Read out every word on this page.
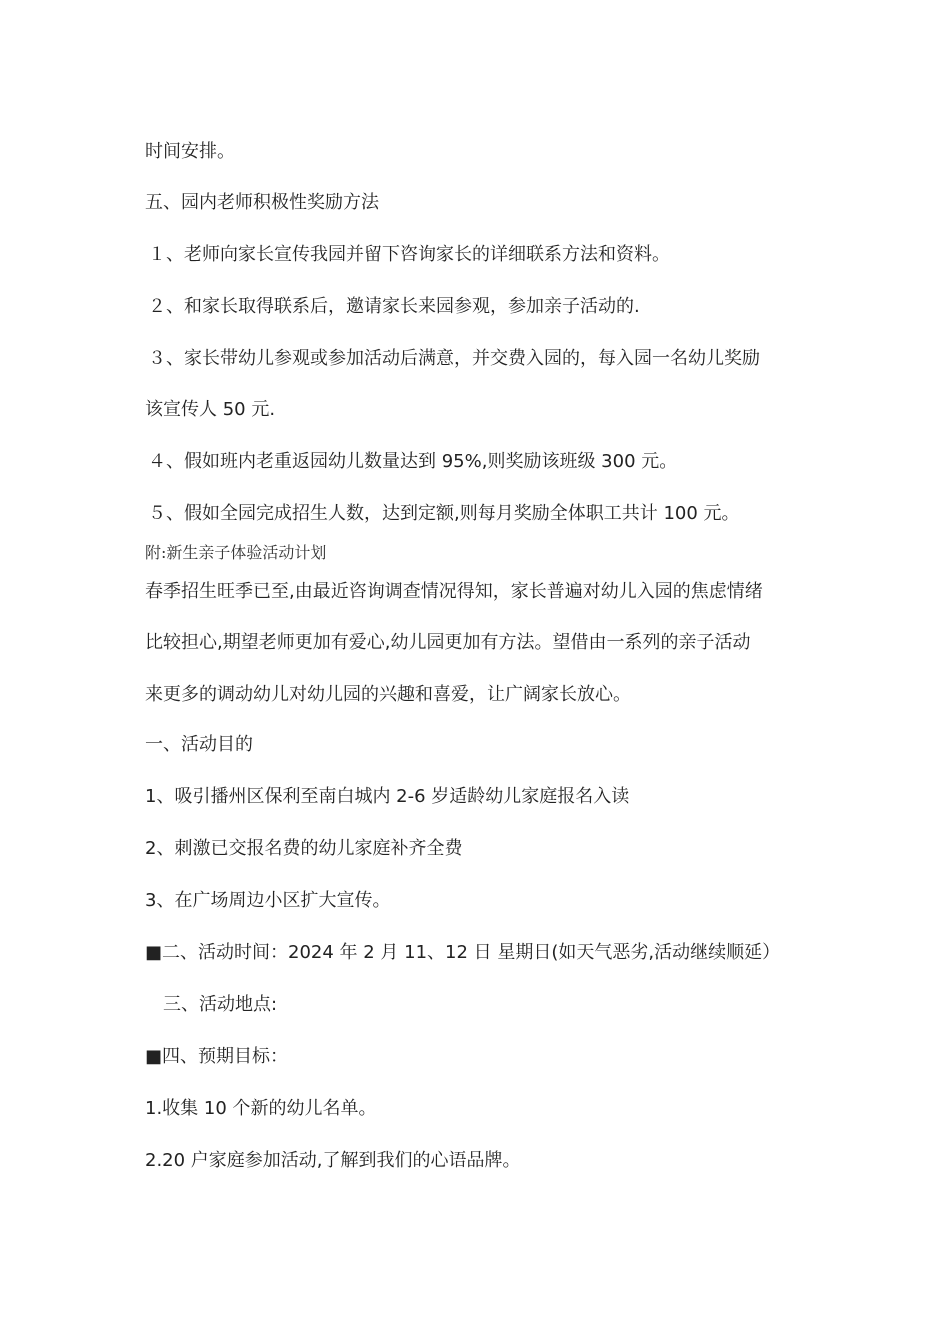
时间安排。
五、园内老师积极性奖励方法
１、老师向家长宣传我园并留下咨询家长的详细联系方法和资料。
２、和家长取得联系后，邀请家长来园参观，参加亲子活动的.
３、家长带幼儿参观或参加活动后满意，并交费入园的，每入园一名幼儿奖励
该宣传人 50 元.
４、假如班内老重返园幼儿数量达到 95%,则奖励该班级 300 元。
５、假如全园完成招生人数，达到定额,则每月奖励全体职工共计 100 元。
附:新生亲子体验活动计划
春季招生旺季已至,由最近咨询调查情况得知，家长普遍对幼儿入园的焦虑情绪
比较担心,期望老师更加有爱心,幼儿园更加有方法。望借由一系列的亲子活动
来更多的调动幼儿对幼儿园的兴趣和喜爱，让广阔家长放心。
一、活动目的
1、吸引播州区保利至南白城内 2-6 岁适龄幼儿家庭报名入读
2、刺激已交报名费的幼儿家庭补齐全费
3、在广场周边小区扩大宣传。
■二、活动时间：2024 年 2 月 11、12 日 星期日(如天气恶劣,活动继续顺延）
三、活动地点:
■四、预期目标：
1.收集 10 个新的幼儿名单。
2.20 户家庭参加活动,了解到我们的心语品牌。
